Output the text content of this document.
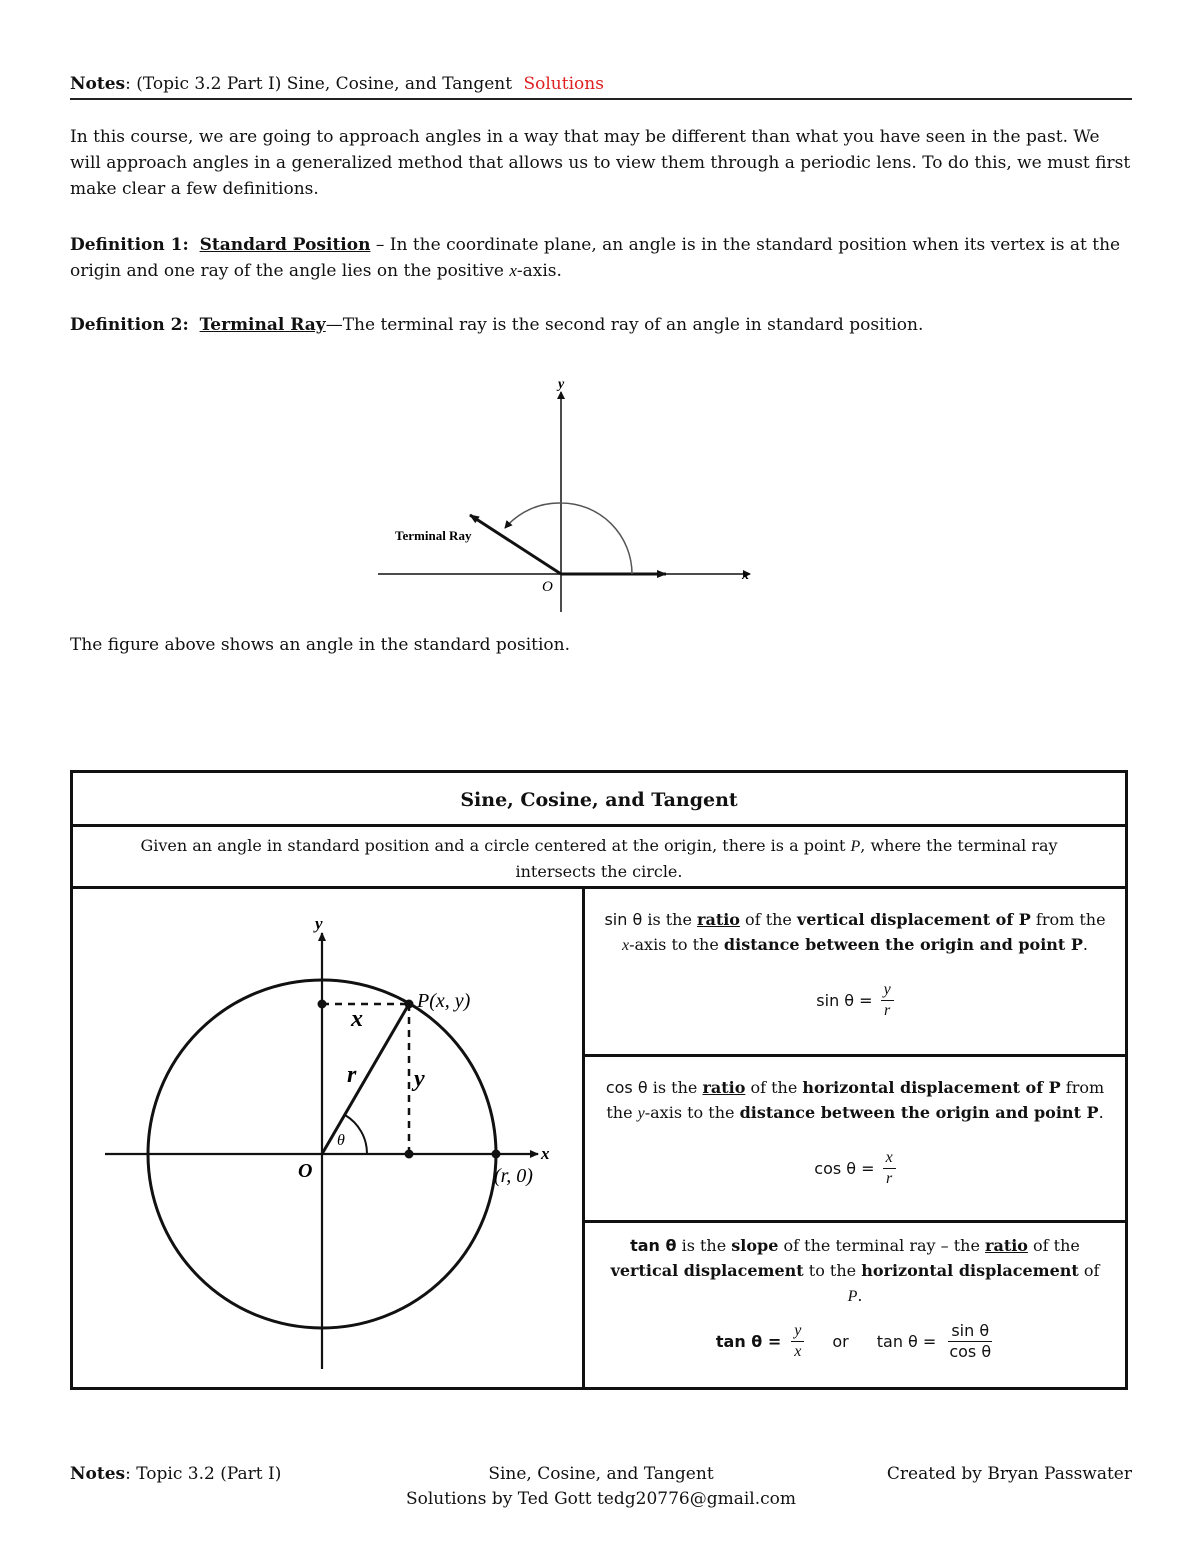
Notes: (Topic 3.2 Part I) Sine, Cosine, and Tangent Solutions
In this course, we are going to approach angles in a way that may be different than what you have seen in the past. We will approach angles in a generalized method that allows us to view them through a periodic lens. To do this, we must first make clear a few definitions.
Definition 1: Standard Position – In the coordinate plane, an angle is in the standard position when its vertex is at the origin and one ray of the angle lies on the positive x-axis.
Definition 2: Terminal Ray—The terminal ray is the second ray of an angle in standard position.
y
x
O
Terminal Ray
The figure above shows an angle in the standard position.
Sine, Cosine, and Tangent
Given an angle in standard position and a circle centered at the origin, there is a point P, where the terminal ray intersects the circle.
y
x
O
P(x, y)
r
x
y
θ
(r, 0)
sin θ is the ratio of the vertical displacement of P from the x-axis to the distance between the origin and point P.
$\sin \theta = \frac{y}{r}$
cos θ is the ratio of the horizontal displacement of P from the y-axis to the distance between the origin and point P.
$\cos \theta = \frac{x}{r}$
tan θ is the slope of the terminal ray – the ratio of the vertical displacement to the horizontal displacement of P.
$\tan \theta = \frac{y}{x}$ or $\tan \theta = \frac{\text{sin θ}}{\text{cos θ}}$
Notes: Topic 3.2 (Part I)	Sine, Cosine, and Tangent	Created by Bryan Passwater
Solutions by Ted Gott tedg20776@gmail.com
